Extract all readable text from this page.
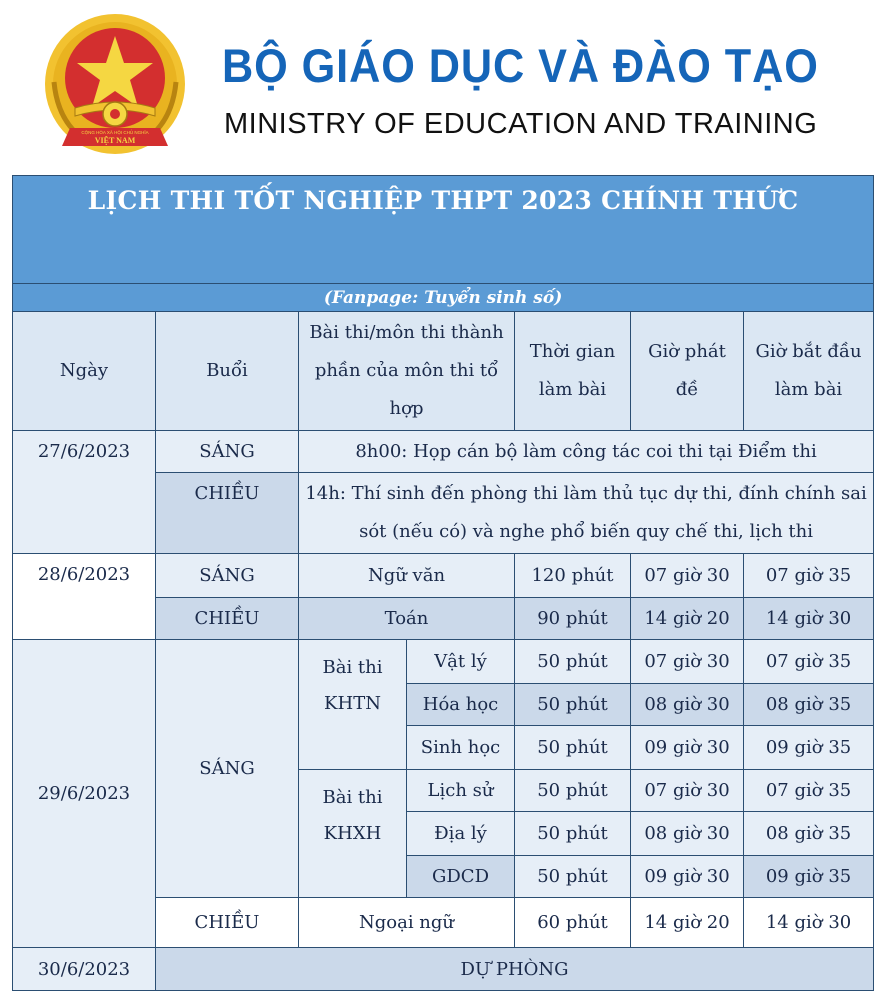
CỘNG HÒA XÃ HỘI CHỦ NGHĨA
VIỆT NAM
BỘ GIÁO DỤC VÀ ĐÀO TẠO
MINISTRY OF EDUCATION AND TRAINING
LỊCH THI TỐT NGHIỆP THPT 2023 CHÍNH THỨC						
(Fanpage: Tuyển sinh số)						
Ngày	Buổi	Bài thi/môn thi thành phần của môn thi tổ hợp		Thời gian làm bài	Giờ phát đề	Giờ bắt đầu làm bài
27/6/2023	SÁNG	8h00: Họp cán bộ làm công tác coi thi tại Điểm thi				
	CHIỀU	14h: Thí sinh đến phòng thi làm thủ tục dự thi, đính chính sai sót (nếu có) và nghe phổ biến quy chế thi, lịch thi				
28/6/2023	SÁNG	Ngữ văn		120 phút	07 giờ 30	07 giờ 35
	CHIỀU	Toán		90 phút	14 giờ 20	14 giờ 30
29/6/2023	SÁNG	Bài thi KHTN	Vật lý	50 phút	07 giờ 30	07 giờ 35
			Hóa học	50 phút	08 giờ 30	08 giờ 35
			Sinh học	50 phút	09 giờ 30	09 giờ 35
		Bài thi KHXH	Lịch sử	50 phút	07 giờ 30	07 giờ 35
			Địa lý	50 phút	08 giờ 30	08 giờ 35
			GDCD	50 phút	09 giờ 30	09 giờ 35
	CHIỀU	Ngoại ngữ		60 phút	14 giờ 20	14 giờ 30
30/6/2023	DỰ PHÒNG					
